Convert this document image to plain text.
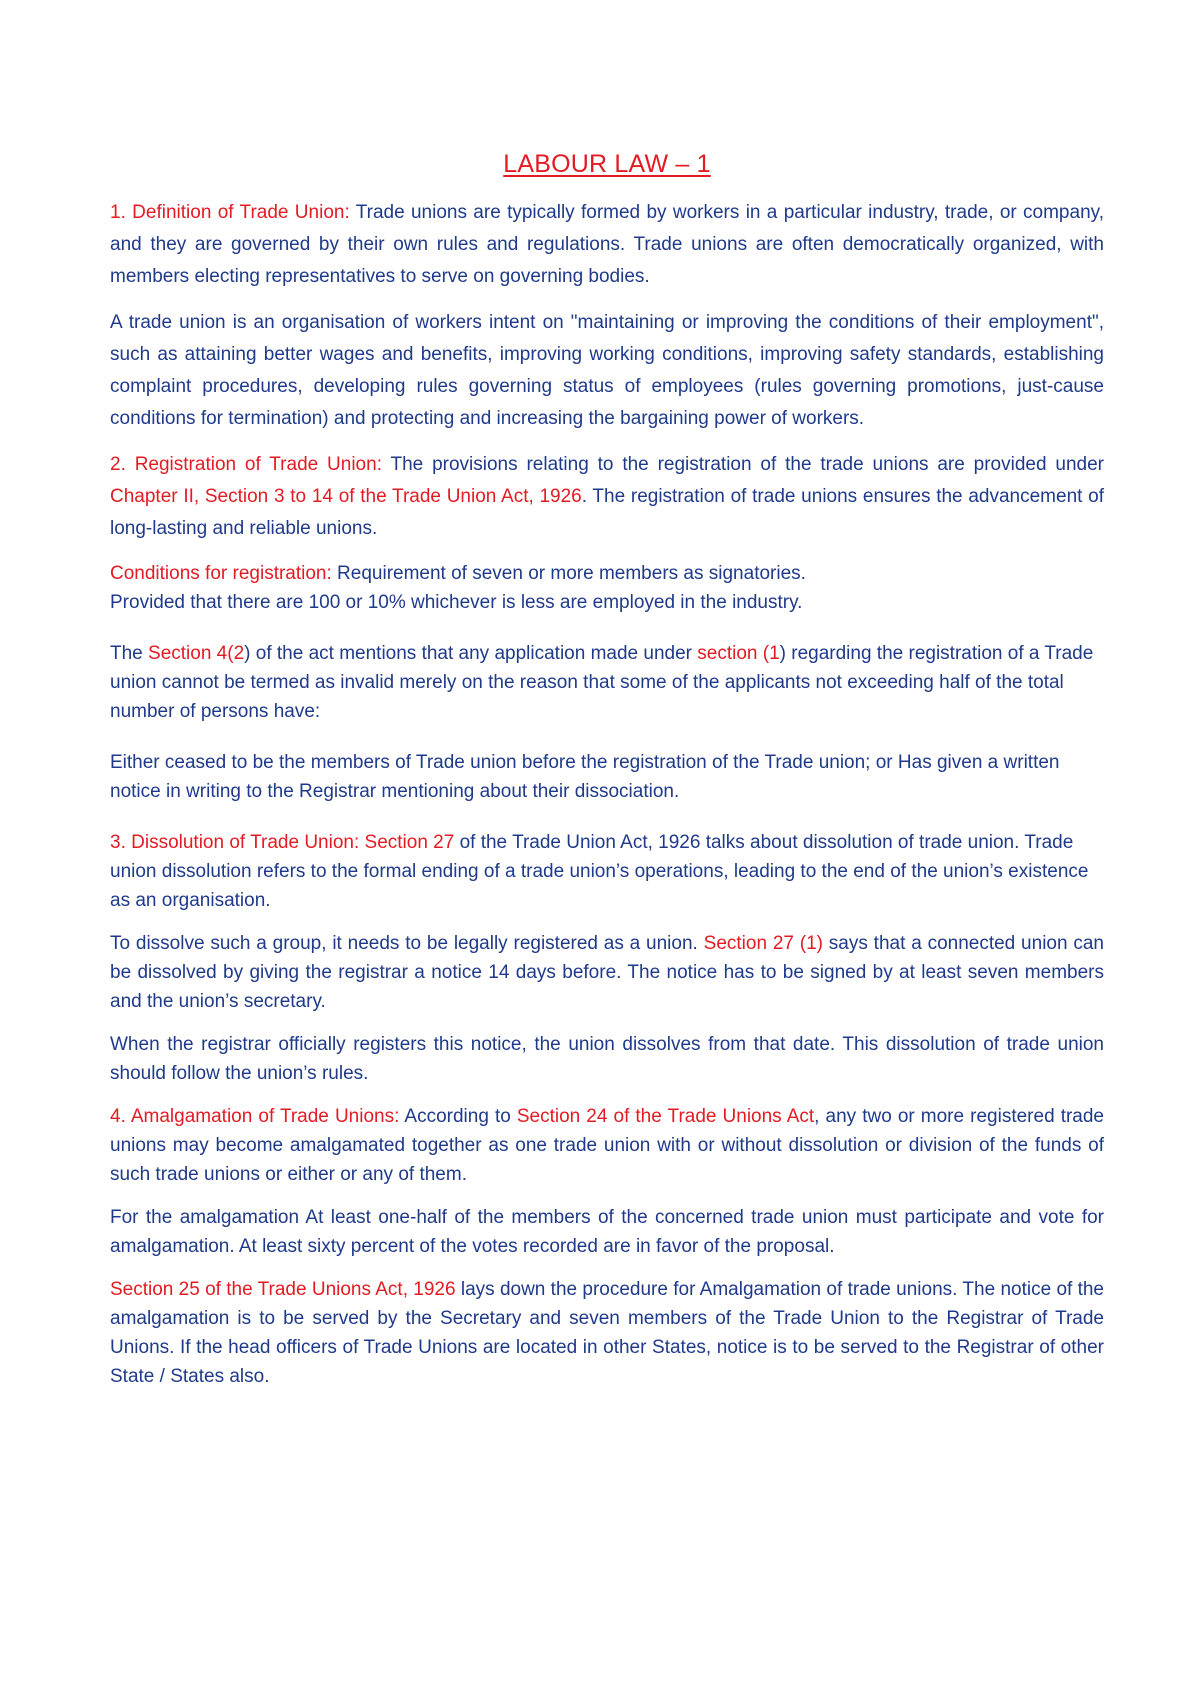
LABOUR LAW – 1

1. Definition of Trade Union: Trade unions are typically formed by workers in a particular industry, trade, or company, and they are governed by their own rules and regulations. Trade unions are often democratically organized, with members electing representatives to serve on governing bodies.

A trade union is an organisation of workers intent on "maintaining or improving the conditions of their employment", such as attaining better wages and benefits, improving working conditions, improving safety standards, establishing complaint procedures, developing rules governing status of employees (rules governing promotions, just-cause conditions for termination) and protecting and increasing the bargaining power of workers.

2. Registration of Trade Union: The provisions relating to the registration of the trade unions are provided under Chapter II, Section 3 to 14 of the Trade Union Act, 1926. The registration of trade unions ensures the advancement of long-lasting and reliable unions.

Conditions for registration: Requirement of seven or more members as signatories.
Provided that there are 100 or 10% whichever is less are employed in the industry.

The Section 4(2) of the act mentions that any application made under section (1) regarding the registration of a Trade union cannot be termed as invalid merely on the reason that some of the applicants not exceeding half of the total number of persons have:

Either ceased to be the members of Trade union before the registration of the Trade union; or Has given a written notice in writing to the Registrar mentioning about their dissociation.

3. Dissolution of Trade Union: Section 27 of the Trade Union Act, 1926 talks about dissolution of trade union. Trade union dissolution refers to the formal ending of a trade union’s operations, leading to the end of the union’s existence as an organisation.

To dissolve such a group, it needs to be legally registered as a union. Section 27 (1) says that a connected union can be dissolved by giving the registrar a notice 14 days before. The notice has to be signed by at least seven members and the union’s secretary.

When the registrar officially registers this notice, the union dissolves from that date. This dissolution of trade union should follow the union’s rules.

4. Amalgamation of Trade Unions: According to Section 24 of the Trade Unions Act, any two or more registered trade unions may become amalgamated together as one trade union with or without dissolution or division of the funds of such trade unions or either or any of them.

For the amalgamation At least one-half of the members of the concerned trade union must participate and vote for amalgamation. At least sixty percent of the votes recorded are in favor of the proposal.

Section 25 of the Trade Unions Act, 1926 lays down the procedure for Amalgamation of trade unions. The notice of the amalgamation is to be served by the Secretary and seven members of the Trade Union to the Registrar of Trade Unions. If the head officers of Trade Unions are located in other States, notice is to be served to the Registrar of other State / States also.
